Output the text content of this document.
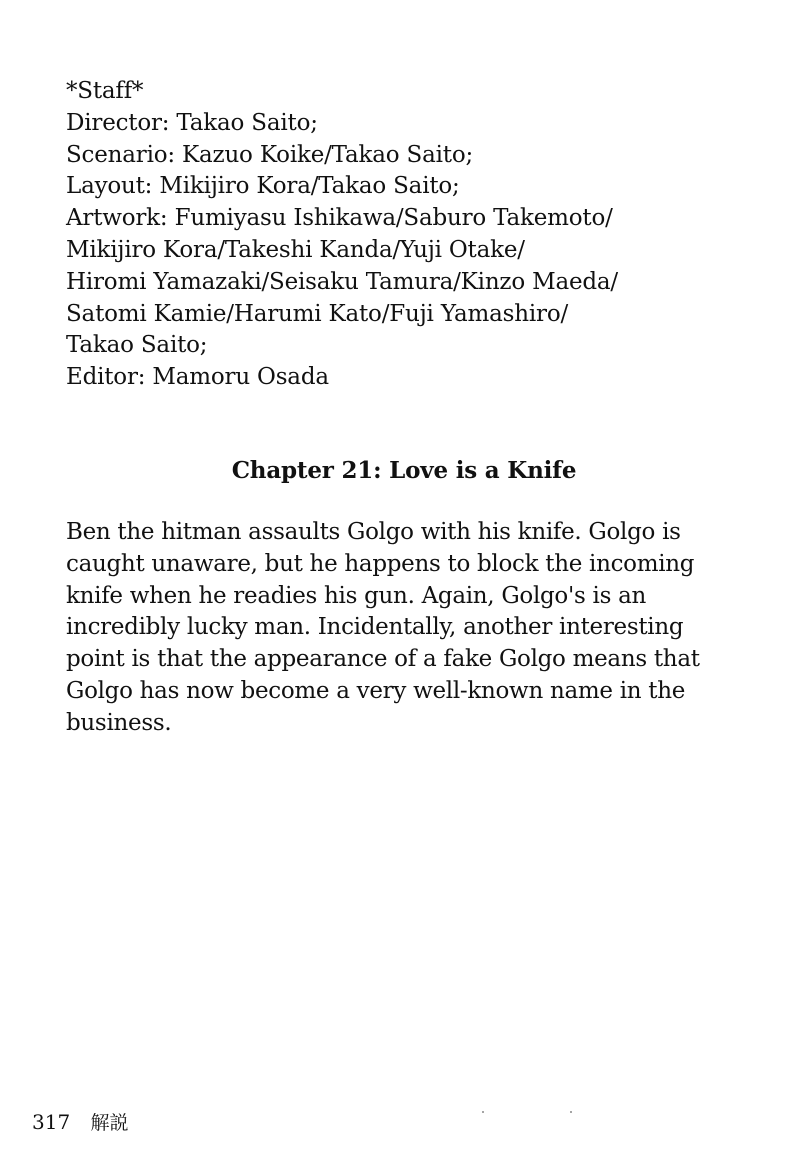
*Staff*
Director: Takao Saito;
Scenario: Kazuo Koike/Takao Saito;
Layout: Mikijiro Kora/Takao Saito;
Artwork: Fumiyasu Ishikawa/Saburo Takemoto/
Mikijiro Kora/Takeshi Kanda/Yuji Otake/
Hiromi Yamazaki/Seisaku Tamura/Kinzo Maeda/
Satomi Kamie/Harumi Kato/Fuji Yamashiro/
Takao Saito;
Editor: Mamoru Osada
Chapter 21: Love is a Knife
Ben the hitman assaults Golgo with his knife. Golgo is
caught unaware, but he happens to block the incoming
knife when he readies his gun. Again, Golgo's is an
incredibly lucky man. Incidentally, another interesting
point is that the appearance of a fake Golgo means that
Golgo has now become a very well-known name in the
business.
317 解説
